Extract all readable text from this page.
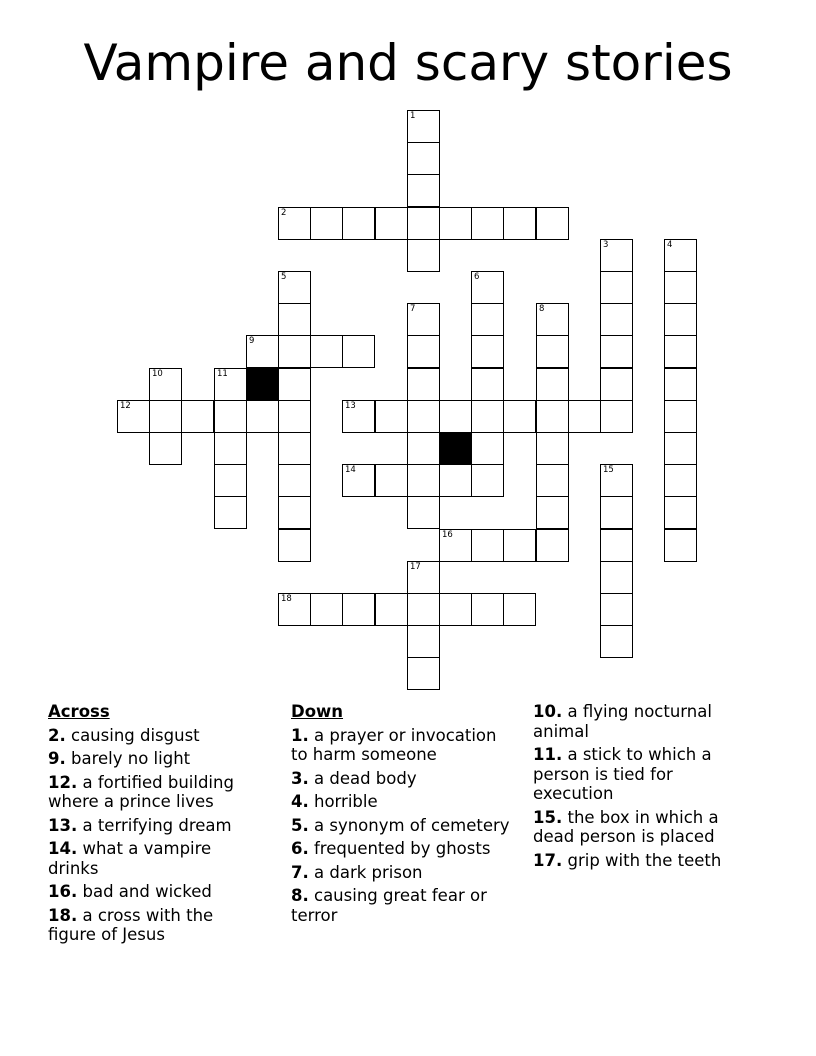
Vampire and scary stories
1
2
3	4
5	6
7	8
9
10	11
12	13
14	15
16
17
18
Across
2. causing disgust
9. barely no light
12. a fortified building where a prince lives
13. a terrifying dream
14. what a vampire drinks
16. bad and wicked
18. a cross with the figure of Jesus
Down
1. a prayer or invocation to harm someone
3. a dead body
4. horrible
5. a synonym of cemetery
6. frequented by ghosts
7. a dark prison
8. causing great fear or terror
10. a flying nocturnal animal
11. a stick to which a person is tied for execution
15. the box in which a dead person is placed
17. grip with the teeth
